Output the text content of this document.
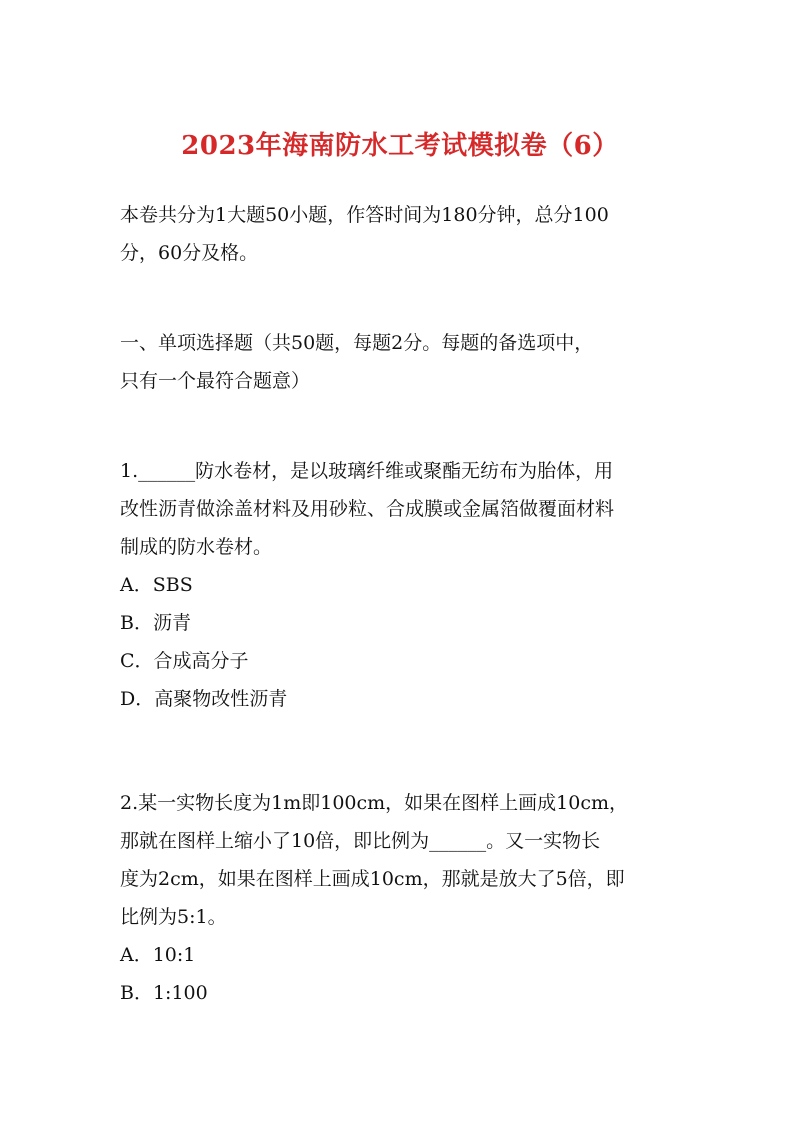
2023年海南防水工考试模拟卷（6）
本卷共分为1大题50小题，作答时间为180分钟，总分100
分，60分及格。
一、单项选择题（共50题，每题2分。每题的备选项中，
只有一个最符合题意）
1.______防水卷材，是以玻璃纤维或聚酯无纺布为胎体，用
改性沥青做涂盖材料及用砂粒、合成膜或金属箔做覆面材料
制成的防水卷材。
A．SBS
B．沥青
C．合成高分子
D．高聚物改性沥青
2.某一实物长度为1m即100cm，如果在图样上画成10cm，
那就在图样上缩小了10倍，即比例为______。又一实物长
度为2cm，如果在图样上画成10cm，那就是放大了5倍，即
比例为5:1。
A．10:1
B．1:100
